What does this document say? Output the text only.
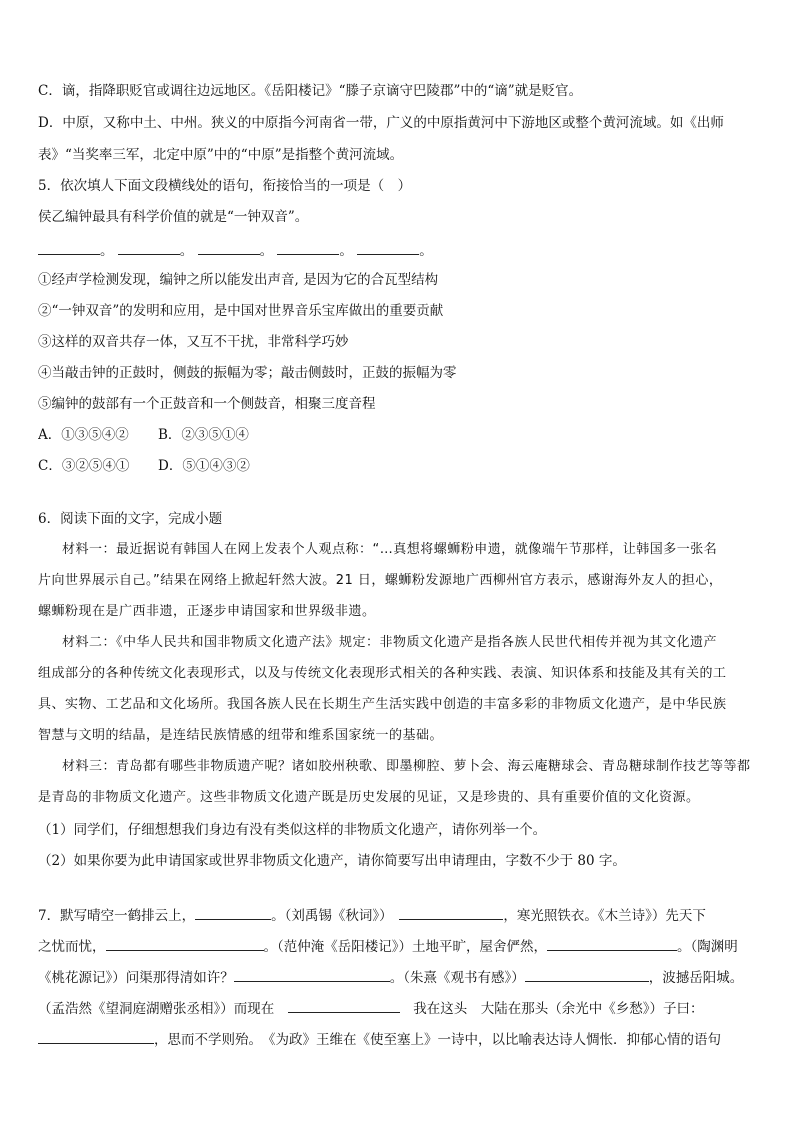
C．谪，指降职贬官或调往边远地区。《岳阳楼记》“滕子京谪守巴陵郡”中的“谪”就是贬官。
D．中原，又称中土、中州。狭义的中原指今河南省一带，广义的中原指黄河中下游地区或整个黄河流域。如《出师
表》“当奖率三军，北定中原”中的“中原”是指整个黄河流域。
5．依次填人下面文段横线处的语句，衔接恰当的一项是（　）
侯乙编钟最具有科学价值的就是“一钟双音”。
。	。	。	。	。
①经声学检测发现，编钟之所以能发出声音, 是因为它的合瓦型结构
②“一钟双音”的发明和应用，是中国对世界音乐宝库做出的重要贡献
③这样的双音共存一体，又互不干扰，非常科学巧妙
④当敲击钟的正鼓时，侧鼓的振幅为零；敲击侧鼓时，正鼓的振幅为零
⑤编钟的鼓部有一个正鼓音和一个侧鼓音，相聚三度音程
A．①③⑤④② B．②③⑤①④
C．③②⑤④① D．⑤①④③②
6．阅读下面的文字，完成小题
材料一：最近据说有韩国人在网上发表个人观点称：“…真想将螺蛳粉申遗，就像端午节那样，让韩国多一张名
片向世界展示自己。”结果在网络上掀起轩然大波。21 日，螺蛳粉发源地广西柳州官方表示，感谢海外友人的担心，
螺蛳粉现在是广西非遗，正逐步申请国家和世界级非遗。
材料二：《中华人民共和国非物质文化遗产法》规定：非物质文化遗产是指各族人民世代相传并视为其文化遗产
组成部分的各种传统文化表现形式，以及与传统文化表现形式相关的各种实践、表演、知识体系和技能及其有关的工
具、实物、工艺品和文化场所。我国各族人民在长期生产生活实践中创造的丰富多彩的非物质文化遗产，是中华民族
智慧与文明的结晶，是连结民族情感的纽带和维系国家统一的基础。
材料三：青岛都有哪些非物质遗产呢？诸如胶州秧歌、即墨柳腔、萝卜会、海云庵糖球会、青岛糖球制作技艺等等都
是青岛的非物质文化遗产。这些非物质文化遗产既是历史发展的见证，又是珍贵的、具有重要价值的文化资源。
（1）同学们，仔细想想我们身边有没有类似这样的非物质文化遗产，请你列举一个。
（2）如果你要为此申请国家或世界非物质文化遗产，请你简要写出申请理由，字数不少于 80 字。
7．默写晴空一鹤排云上，	。（刘禹锡《秋词》）　	，寒光照铁衣。《木兰诗》）先天下
之忧而忧，	。（范仲淹《岳阳楼记》）土地平旷，屋舍俨然，	。（陶渊明
《桃花源记》）问渠那得清如许？	。（朱熹《观书有感》）	，波撼岳阳城。
（孟浩然《望洞庭湖赠张丞相》）而现在　　	我在这头　大陆在那头（余光中《乡愁》）子曰：
，思而不学则殆。　《为政》王维在《使至塞上》一诗中，以比喻表达诗人惆怅．抑郁心情的语句
